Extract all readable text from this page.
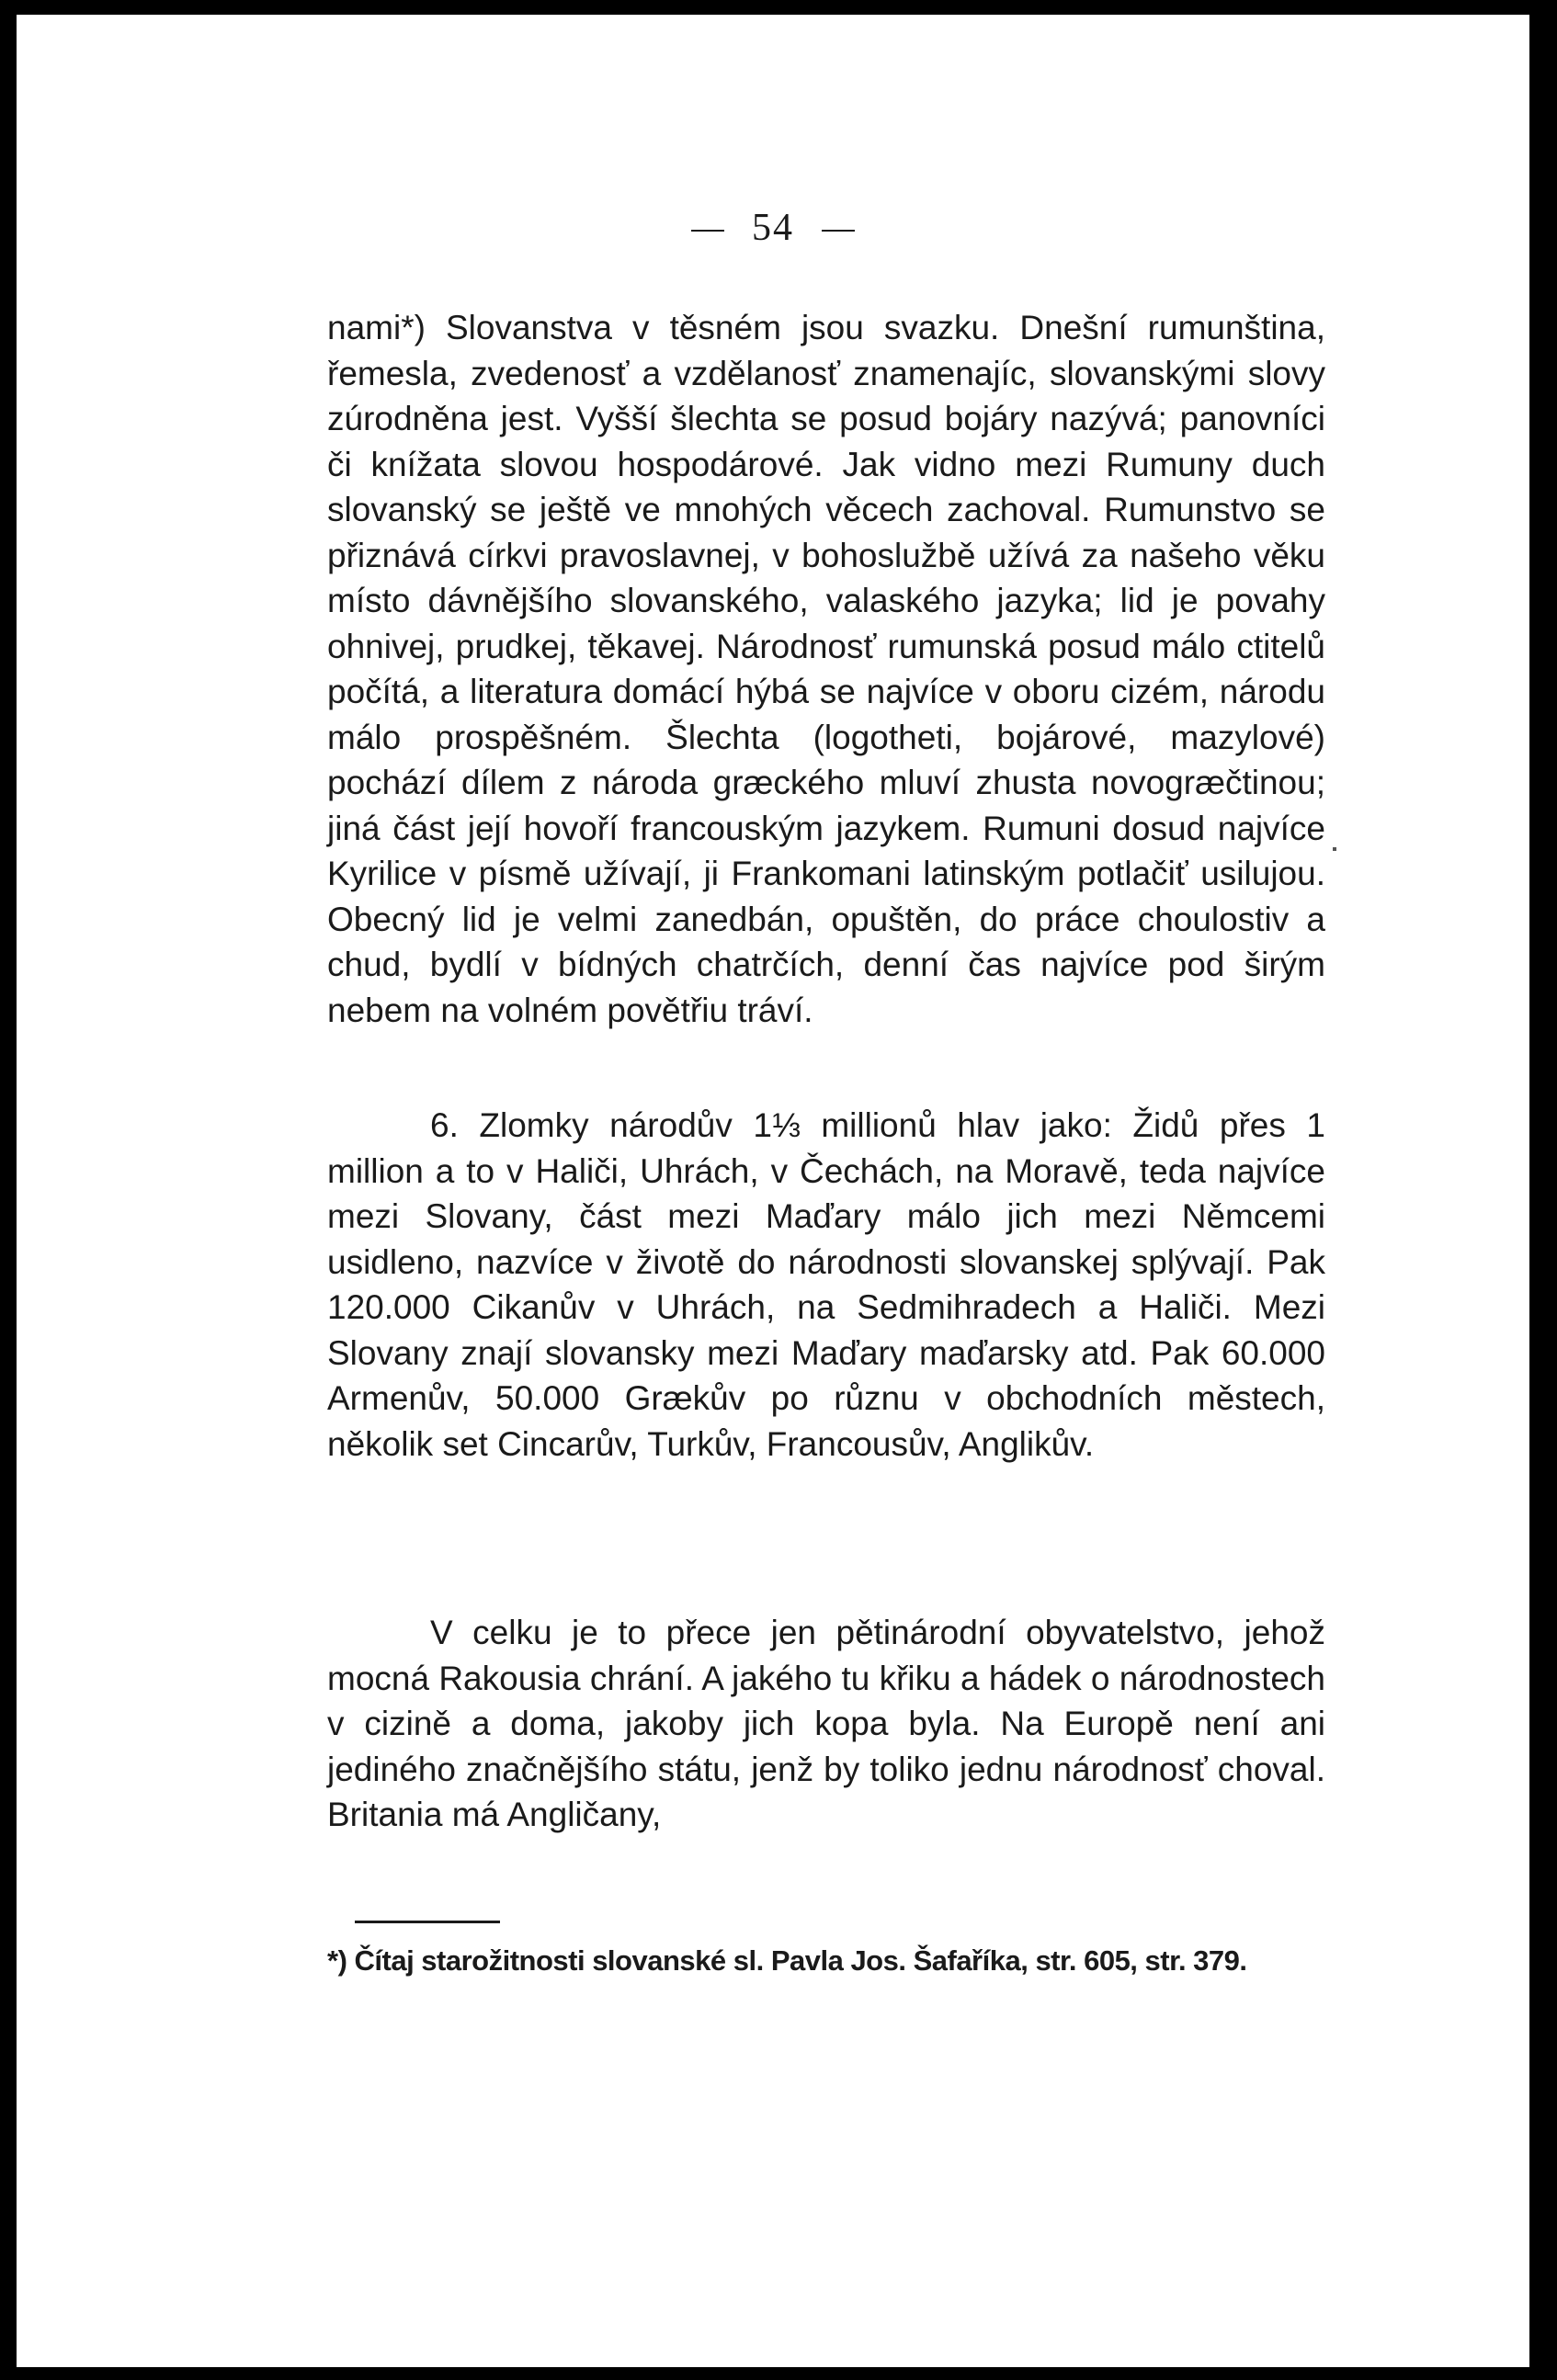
54

nami*) Slovanstva v těsném jsou svazku. Dnešní rumunština, řemesla, zvedenosť a vzdělanosť znamenajíc, slovanskými slovy zúrodněna jest. Vyšší šlechta se posud bojáry nazývá; panovníci či knížata slovou hospodárové. Jak vidno mezi Rumuny duch slovanský se ještě ve mnohých věcech zachoval. Rumunstvo se přiznává církvi pravoslavnej, v bohoslužbě užívá za našeho věku místo dávnějšího slovanského, valaského jazyka; lid je povahy ohnivej, prudkej, těkavej. Národnosť rumunská posud málo ctitelů počítá, a literatura domácí hýbá se najvíce v oboru cizém, národu málo prospěšném. Šlechta (logotheti, bojárové, mazylové) pochází dílem z národa græckého mluví zhusta novogræčtinou; jiná část její hovoří francouským jazykem. Rumuni dosud najvíce Kyrilice v písmě užívají, ji Frankomani latinským potlačiť usilujou. Obecný lid je velmi zanedbán, opuštěn, do práce choulostiv a chud, bydlí v bídných chatrčích, denní čas najvíce pod širým nebem na volném povětřiu tráví.

6. Zlomky národův 1⅓ millionů hlav jako: Židů přes 1 million a to v Haliči, Uhrách, v Čechách, na Moravě, teda najvíce mezi Slovany, část mezi Maďary málo jich mezi Němcemi usidleno, nazvíce v životě do národnosti slovanskej splývají. Pak 120.000 Cikanův v Uhrách, na Sedmihradech a Haliči. Mezi Slovany znají slovansky mezi Maďary maďarsky atd. Pak 60.000 Armenův, 50.000 Grækův po různu v obchodních městech, několik set Cincarův, Turkův, Francousův, Anglikův.

V celku je to přece jen pětinárodní obyvatelstvo, jehož mocná Rakousia chrání. A jakého tu křiku a hádek o národnostech v cizině a doma, jakoby jich kopa byla. Na Europě není ani jediného značnějšího státu, jenž by toliko jednu národnosť choval. Britania má Angličany,

*) Čítaj starožitnosti slovanské sl. Pavla Jos. Šafaříka, str. 605, str. 379.
